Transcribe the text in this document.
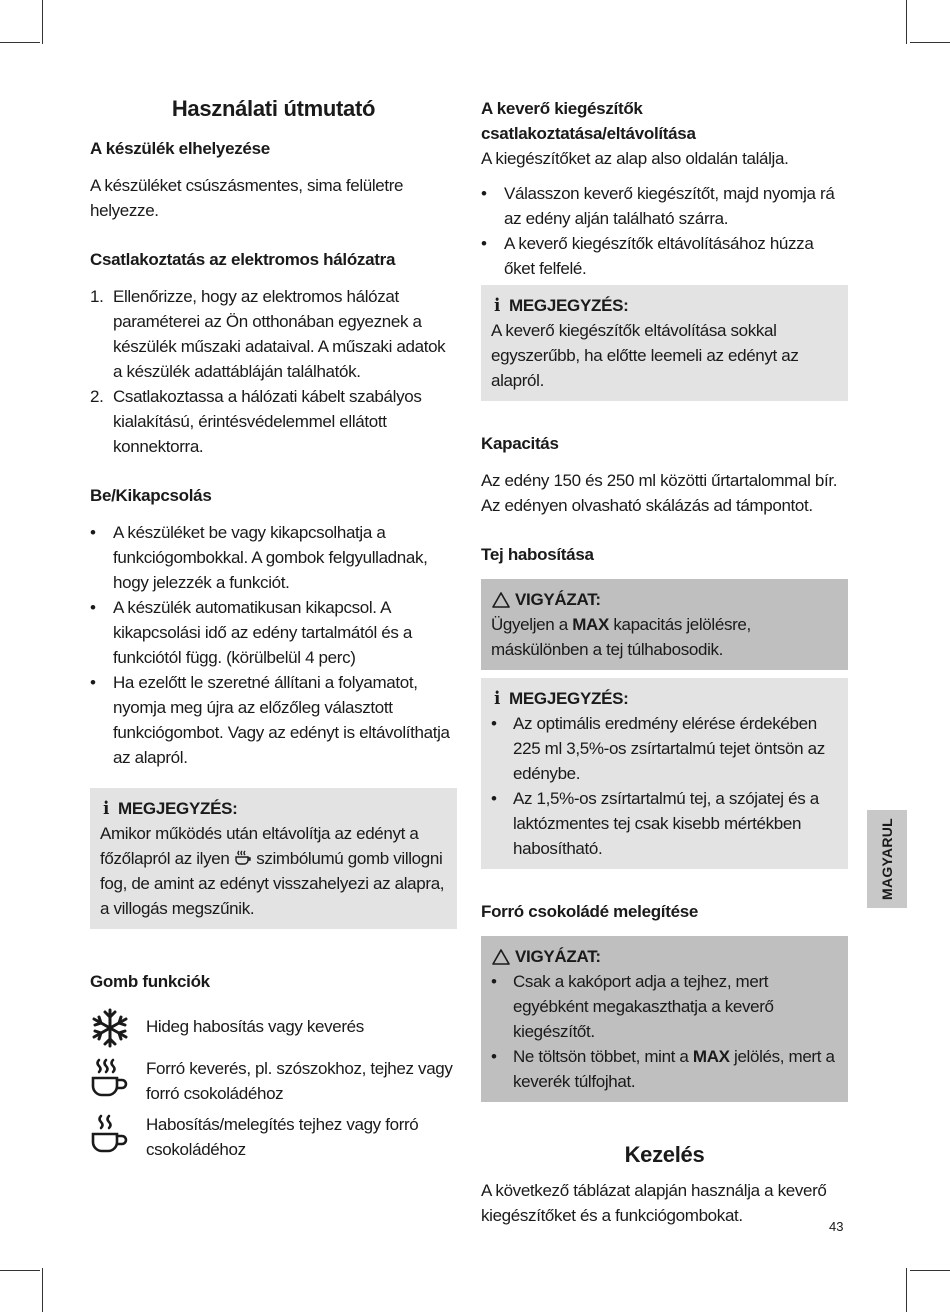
Használati útmutató
A készülék elhelyezése

A készüléket csúszásmentes, sima felületre helyezze.

Csatlakoztatás az elektromos hálózatra
1. Ellenőrizze, hogy az elektromos hálózat paraméterei az Ön otthonában egyeznek a készülék műszaki adataival. A műszaki adatok a készülék adattábláján találhatók.
2. Csatlakoztassa a hálózati kábelt szabályos kialakítású, érintésvédelemmel ellátott konnektorra.
Be/Kikapcsolás
• A készüléket be vagy kikapcsolhatja a funkciógombokkal. A gombok felgyulladnak, hogy jelezzék a funkciót.
• A készülék automatikusan kikapcsol. A kikapcsolási idő az edény tartalmától és a funkciótól függ. (körülbelül 4 perc)
• Ha ezelőtt le szeretné állítani a folyamatot, nyomja meg újra az előzőleg választott funkciógombot. Vagy az edényt is eltávolíthatja az alapról.
i MEGJEGYZÉS:

Amikor működés után eltávolítja az edényt a főzőlapról az ilyen szimbólumú gomb villogni fog, de amint az edényt visszahelyezi az alapra, a villogás megszűnik.

Gomb funkciók
Hideg habosítás vagy keverés
Forró keverés, pl. szószokhoz, tejhez vagy forró csokoládéhoz
Habosítás/melegítés tejhez vagy forró csokoládéhoz
A keverő kiegészítők csatlakoztatása/eltávolítása

A kiegészítőket az alap also oldalán találja.

• Válasszon keverő kiegészítőt, majd nyomja rá az edény alján található szárra.
• A keverő kiegészítők eltávolításához húzza őket felfelé.
i MEGJEGYZÉS:

A keverő kiegészítők eltávolítása sokkal egyszerűbb, ha előtte leemeli az edényt az alapról.

Kapacitás

Az edény 150 és 250 ml közötti űrtartalommal bír. Az edényen olvasható skálázás ad támpontot.

Tej habosítása
VIGYÁZAT:

Ügyeljen a MAX kapacitás jelölésre, máskülönben a tej túlhabosodik.

i MEGJEGYZÉS:
• Az optimális eredmény elérése érdekében 225 ml 3,5%-os zsírtartalmú tejet öntsön az edénybe.
• Az 1,5%-os zsírtartalmú tej, a szójatej és a laktózmentes tej csak kisebb mértékben habosítható.
Forró csokoládé melegítése
VIGYÁZAT:
• Csak a kakóport adja a tejhez, mert egyébként megakaszthatja a keverő kiegészítőt.
• Ne töltsön többet, mint a MAX jelölés, mert a keverék túlfojhat.
Kezelés

A következő táblázat alapján használja a keverő kiegészítőket és a funkciógombokat.

MAGYARUL
43
